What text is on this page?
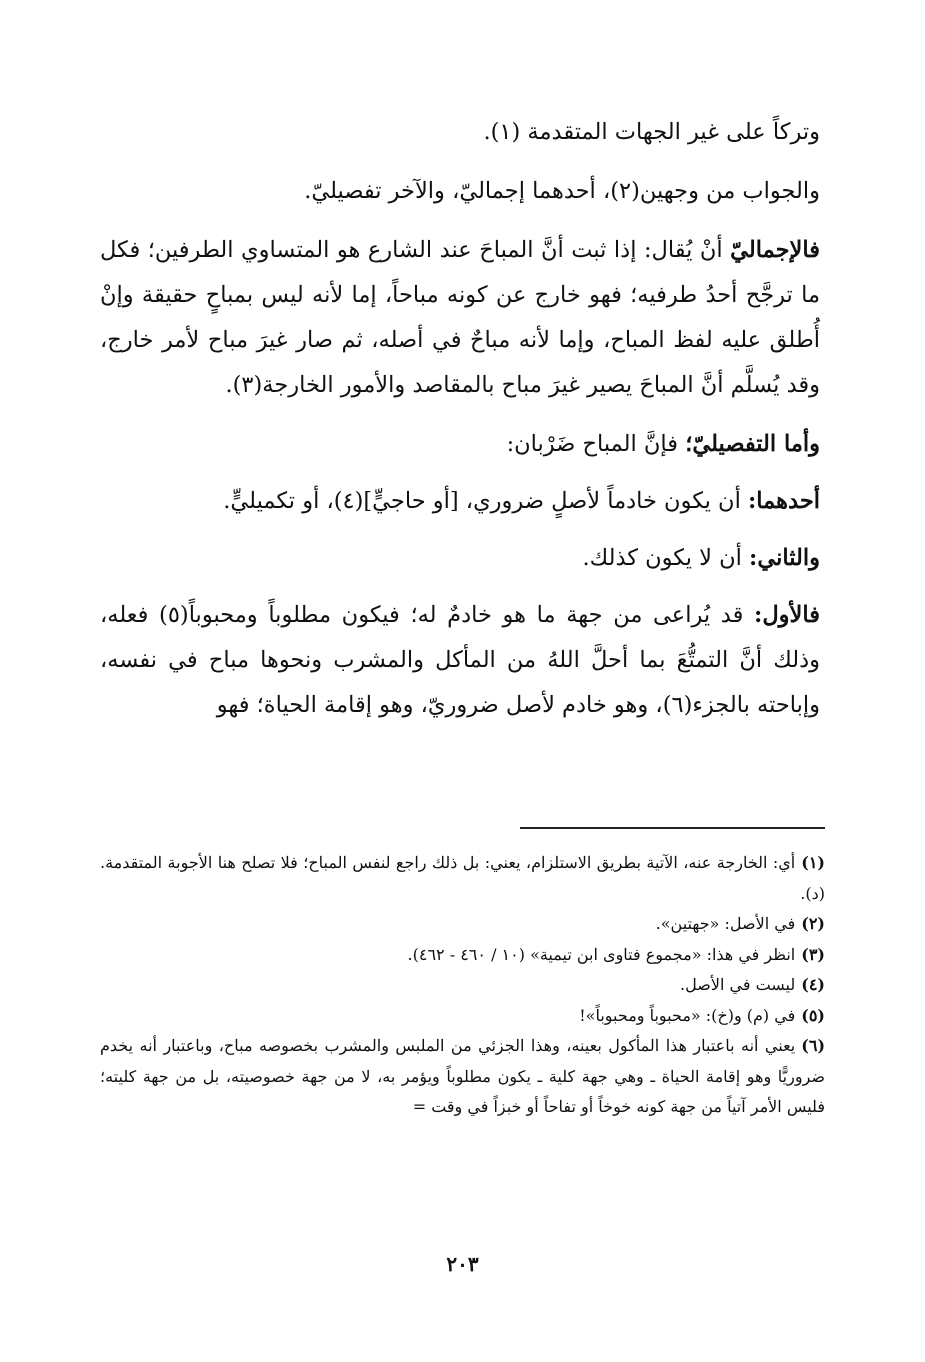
وتركاً على غير الجهات المتقدمة (١).

والجواب من وجهين(٢)، أحدهما إجماليّ، والآخر تفصيليّ.

فالإجماليّ أنْ يُقال: إذا ثبت أنَّ المباحَ عند الشارع هو المتساوي الطرفين؛ فكل ما ترجَّح أحدُ طرفيه؛ فهو خارج عن كونه مباحاً، إما لأنه ليس بمباحٍ حقيقة وإنْ أُطلق عليه لفظ المباح، وإما لأنه مباحٌ في أصله، ثم صار غيرَ مباح لأمر خارج، وقد يُسلَّم أنَّ المباحَ يصير غيرَ مباح بالمقاصد والأمور الخارجة(٣).

وأما التفصيليّ؛ فإنَّ المباح ضَرْبان:

أحدهما: أن يكون خادماً لأصلٍ ضروري، [أو حاجيٍّ](٤)، أو تكميليٍّ.

والثاني: أن لا يكون كذلك.

فالأول: قد يُراعى من جهة ما هو خادمٌ له؛ فيكون مطلوباً ومحبوباً(٥) فعله، وذلك أنَّ التمتُّعَ بما أحلَّ اللهُ من المأكل والمشرب ونحوها مباح في نفسه، وإباحته بالجزء(٦)، وهو خادم لأصل ضروريّ، وهو إقامة الحياة؛ فهو

(١)أي: الخارجة عنه، الآتية بطريق الاستلزام، يعني: بل ذلك راجع لنفس المباح؛ فلا تصلح هنا الأجوبة المتقدمة. (د).

(٢)في الأصل: «جهتين».

(٣)انظر في هذا: «مجموع فتاوى ابن تيمية» (١٠ / ٤٦٠ - ٤٦٢).

(٤)ليست في الأصل.

(٥)في (م) و(خ): «محبوباً ومحبوباً»!

(٦)يعني أنه باعتبار هذا المأكول بعينه، وهذا الجزئي من الملبس والمشرب بخصوصه مباح، وباعتبار أنه يخدم ضروريًّا وهو إقامة الحياة ـ وهي جهة كلية ـ يكون مطلوباً ويؤمر به، لا من جهة خصوصيته، بل من جهة كليته؛ فليس الأمر آتياً من جهة كونه خوخاً أو تفاحاً أو خبزاً في وقت =

٢٠٣
